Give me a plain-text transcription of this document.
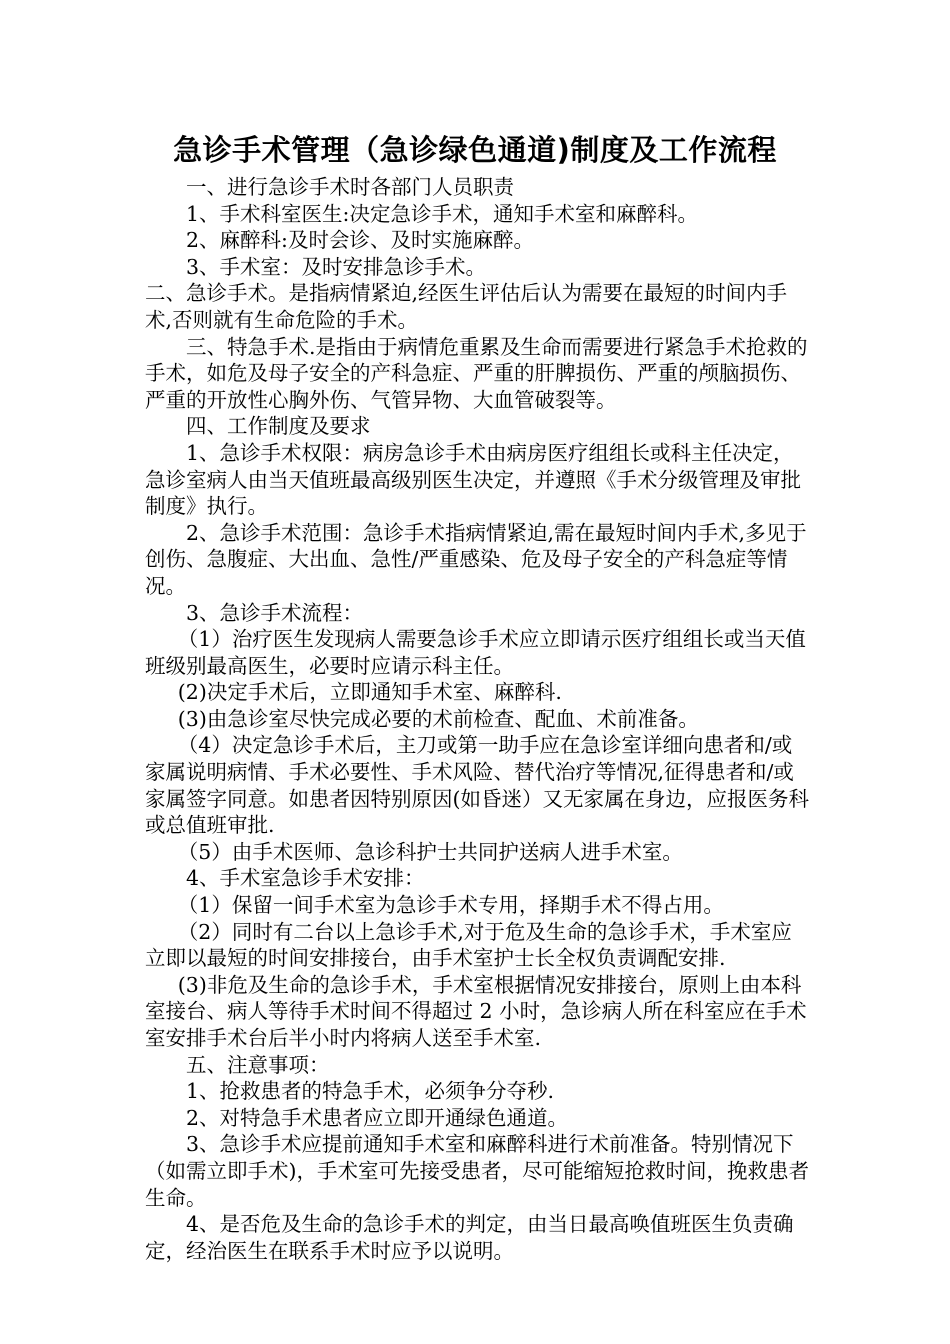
急诊手术管理（急诊绿色通道)制度及工作流程

一、进行急诊手术时各部门人员职责

1、手术科室医生:决定急诊手术，通知手术室和麻醉科。

2、麻醉科:及时会诊、及时实施麻醉。

3、手术室：及时安排急诊手术。

二、急诊手术。是指病情紧迫,经医生评估后认为需要在最短的时间内手术,否则就有生命危险的手术。

三、特急手术.是指由于病情危重累及生命而需要进行紧急手术抢救的手术，如危及母子安全的产科急症、严重的肝脾损伤、严重的颅脑损伤、严重的开放性心胸外伤、气管异物、大血管破裂等。

四、工作制度及要求

1、急诊手术权限：病房急诊手术由病房医疗组组长或科主任决定，急诊室病人由当天值班最高级别医生决定，并遵照《手术分级管理及审批制度》执行。

2、急诊手术范围：急诊手术指病情紧迫,需在最短时间内手术,多见于创伤、急腹症、大出血、急性/严重感染、危及母子安全的产科急症等情况。

3、急诊手术流程：

（1）治疗医生发现病人需要急诊手术应立即请示医疗组组长或当天值班级别最高医生，必要时应请示科主任。

(2)决定手术后，立即通知手术室、麻醉科.

(3)由急诊室尽快完成必要的术前检查、配血、术前准备。

（4）决定急诊手术后，主刀或第一助手应在急诊室详细向患者和/或家属说明病情、手术必要性、手术风险、替代治疗等情况,征得患者和/或家属签字同意。如患者因特别原因(如昏迷）又无家属在身边，应报医务科或总值班审批.

（5）由手术医师、急诊科护士共同护送病人进手术室。

4、手术室急诊手术安排：

（1）保留一间手术室为急诊手术专用，择期手术不得占用。

（2）同时有二台以上急诊手术,对于危及生命的急诊手术，手术室应立即以最短的时间安排接台，由手术室护士长全权负责调配安排.

(3)非危及生命的急诊手术，手术室根据情况安排接台，原则上由本科室接台、病人等待手术时间不得超过 2 小时，急诊病人所在科室应在手术室安排手术台后半小时内将病人送至手术室.

五、注意事项：

1、抢救患者的特急手术，必须争分夺秒.

2、对特急手术患者应立即开通绿色通道。

3、急诊手术应提前通知手术室和麻醉科进行术前准备。特别情况下（如需立即手术)，手术室可先接受患者，尽可能缩短抢救时间，挽救患者生命。

4、是否危及生命的急诊手术的判定，由当日最高唤值班医生负责确定，经治医生在联系手术时应予以说明。
